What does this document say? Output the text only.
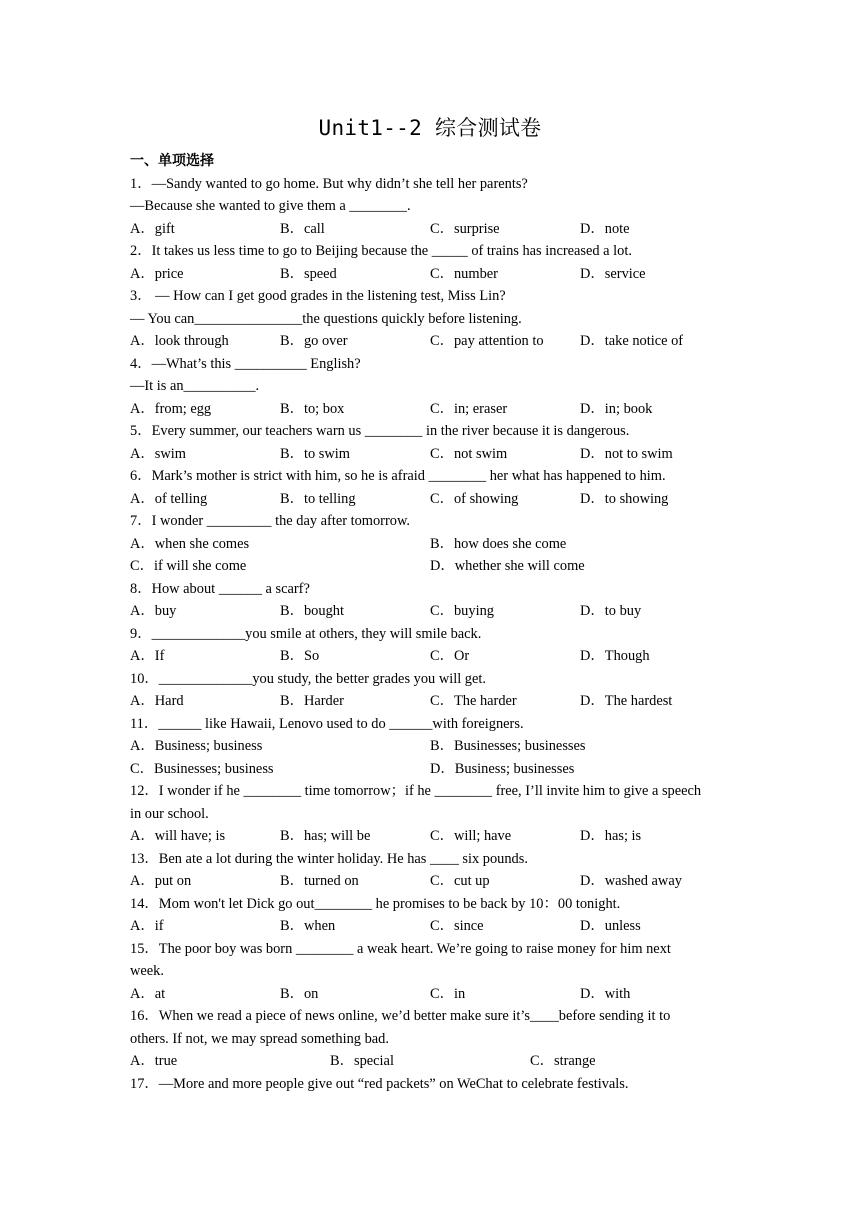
Unit1--2 综合测试卷
一、单项选择
1．—Sandy wanted to go home. But why didn’t she tell her parents?
—Because she wanted to give them a ________.
A．gift	B．call	C．surprise	D．note
2．It takes us less time to go to Beijing because the _____ of trains has increased a lot.
A．price	B．speed	C．number	D．service
3． — How can I get good grades in the listening test, Miss Lin?
— You can_______________the questions quickly before listening.
A．look through	B．go over	C．pay attention to	D．take notice of
4．—What’s this __________ English?
—It is an__________.
A．from; egg	B．to; box	C．in; eraser	D．in; book
5．Every summer, our teachers warn us ________ in the river because it is dangerous.
A．swim	B．to swim	C．not swim	D．not to swim
6．Mark’s mother is strict with him, so he is afraid ________ her what has happened to him.
A．of telling	B．to telling	C．of showing	D．to showing
7．I wonder _________ the day after tomorrow.
A．when she comes	B．how does she come
C．if will she come	D．whether she will come
8．How about ______ a scarf?
A．buy	B．bought	C．buying	D．to buy
9．_____________you smile at others, they will smile back.
A．If	B．So	C．Or	D．Though
10．_____________you study, the better grades you will get.
A．Hard	B．Harder	C．The harder	D．The hardest
11．______ like Hawaii, Lenovo used to do ______with foreigners.
A．Business; business	B．Businesses; businesses
C．Businesses; business	D．Business; businesses
12．I wonder if he ________ time tomorrow；if he ________ free, I’ll invite him to give a speech
in our school.
A．will have; is	B．has; will be	C．will; have	D．has; is
13．Ben ate a lot during the winter holiday. He has ____ six pounds.
A．put on	B．turned on	C．cut up	D．washed away
14．Mom won't let Dick go out________ he promises to be back by 10：00 tonight.
A．if	B．when	C．since	D．unless
15．The poor boy was born ________ a weak heart. We’re going to raise money for him next
week.
A．at	B．on	C．in	D．with
16．When we read a piece of news online, we’d better make sure it’s____before sending it to
others. If not, we may spread something bad.
A．true	B．special	C．strange
17．—More and more people give out “red packets” on WeChat to celebrate festivals.
